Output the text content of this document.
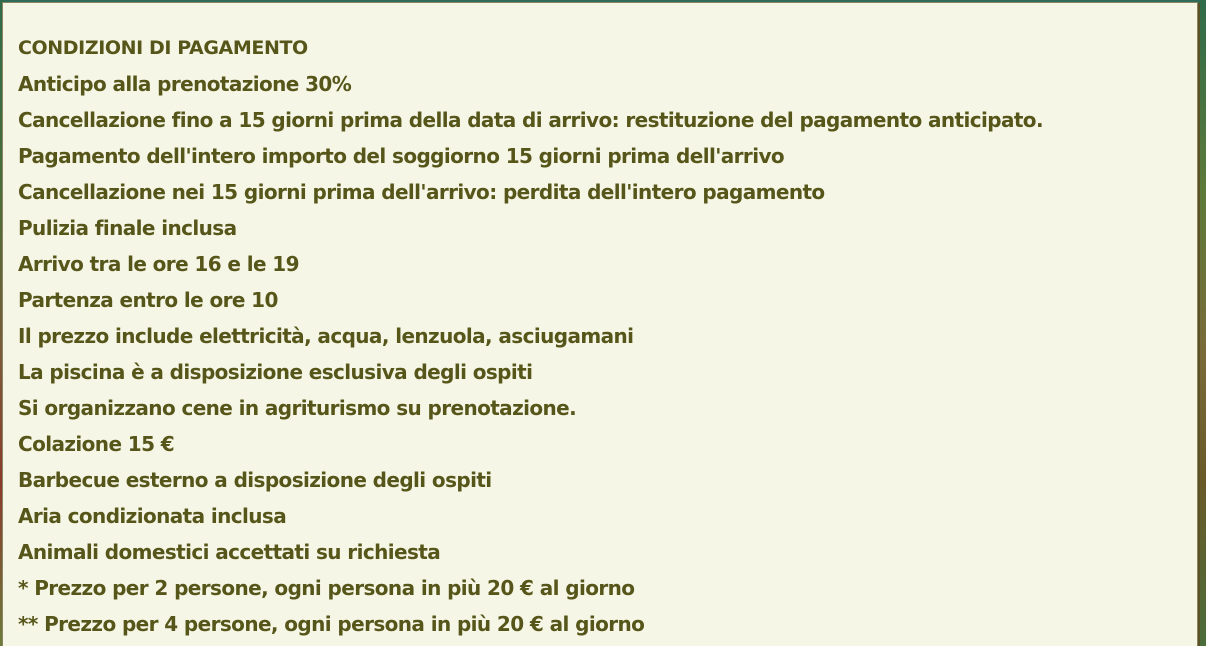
CONDIZIONI DI PAGAMENTO
Anticipo alla prenotazione 30%
Cancellazione fino a 15 giorni prima della data di arrivo: restituzione del pagamento anticipato.
Pagamento dell'intero importo del soggiorno 15 giorni prima dell'arrivo
Cancellazione nei 15 giorni prima dell'arrivo: perdita dell'intero pagamento
Pulizia finale inclusa
Arrivo tra le ore 16 e le 19
Partenza entro le ore 10
Il prezzo include elettricità, acqua, lenzuola, asciugamani
La piscina è a disposizione esclusiva degli ospiti
Si organizzano cene in agriturismo su prenotazione.
Colazione 15 €
Barbecue esterno a disposizione degli ospiti
Aria condizionata inclusa
Animali domestici accettati su richiesta
* Prezzo per 2 persone, ogni persona in più 20 € al giorno
** Prezzo per 4 persone, ogni persona in più 20 € al giorno
